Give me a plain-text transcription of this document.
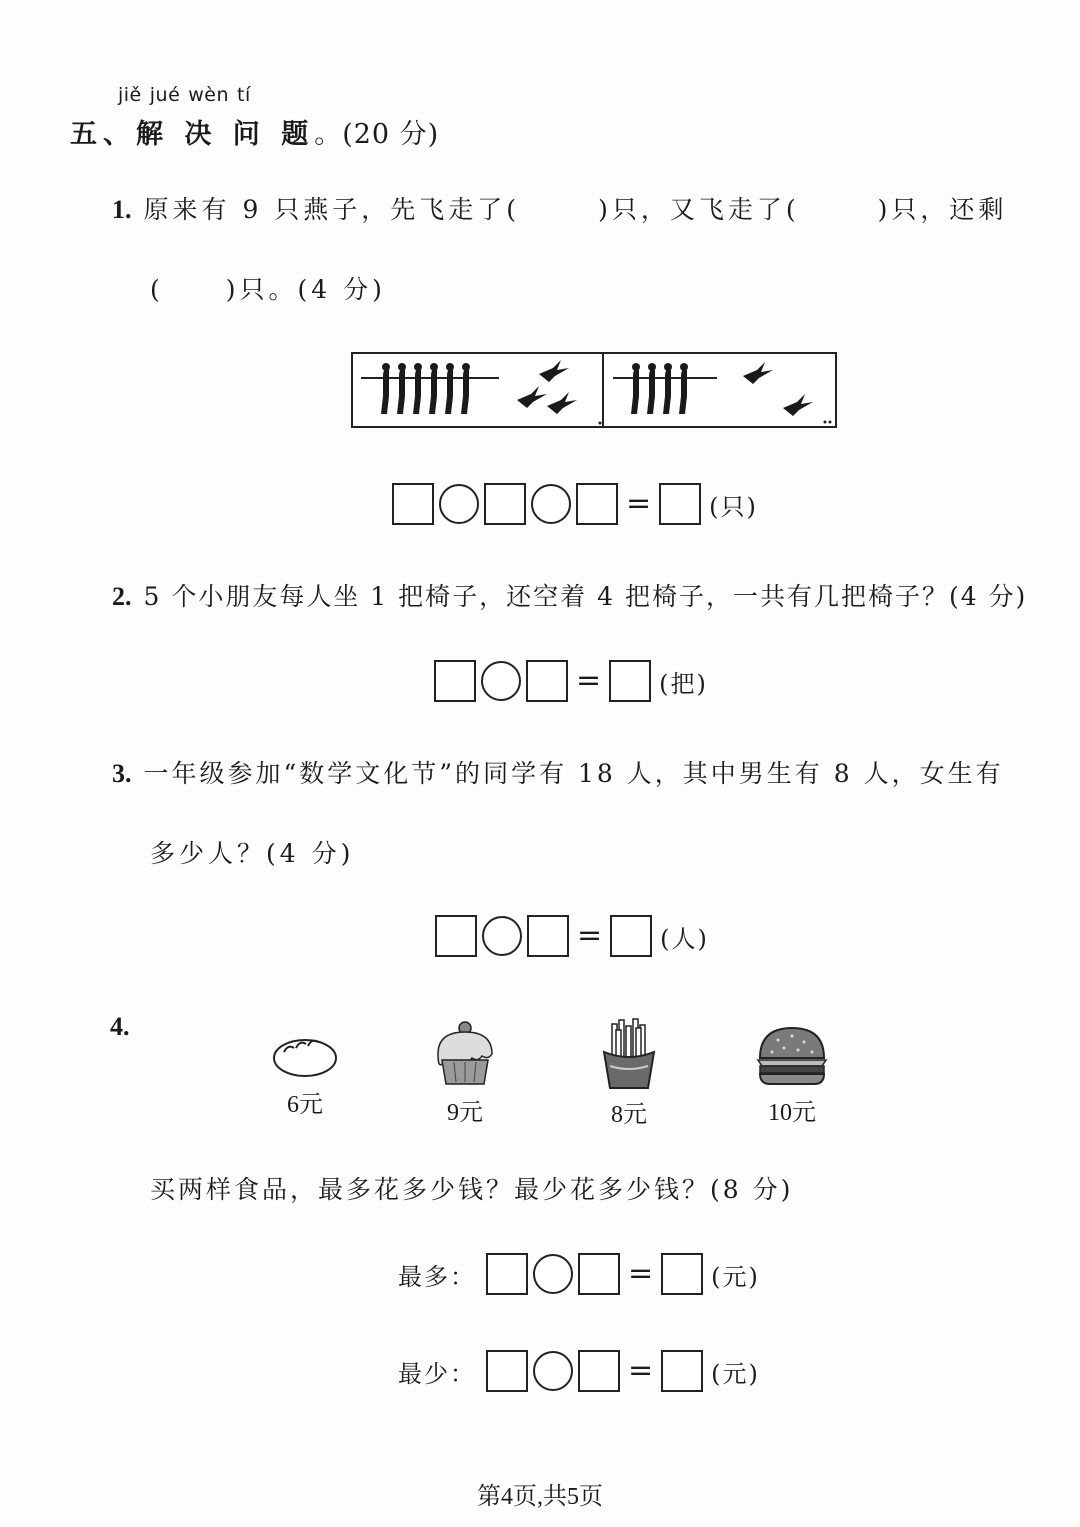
jiě jué wèn tí
五、解 决 问 题。(20 分)
1. 原来有 9 只燕子，先飞走了(	)只，又飞走了(	)只，还剩
( )只。(4 分)
= (只)
2. 5 个小朋友每人坐 1 把椅子，还空着 4 把椅子，一共有几把椅子？(4 分)
= (把)
3. 一年级参加“数学文化节”的同学有 18 人，其中男生有 8 人，女生有
多少人？(4 分)
= (人)
4.
6元	9元	8元	10元
买两样食品，最多花多少钱？最少花多少钱？(8 分)
最多：	= (元)
最少：	= (元)
第4页,共5页
